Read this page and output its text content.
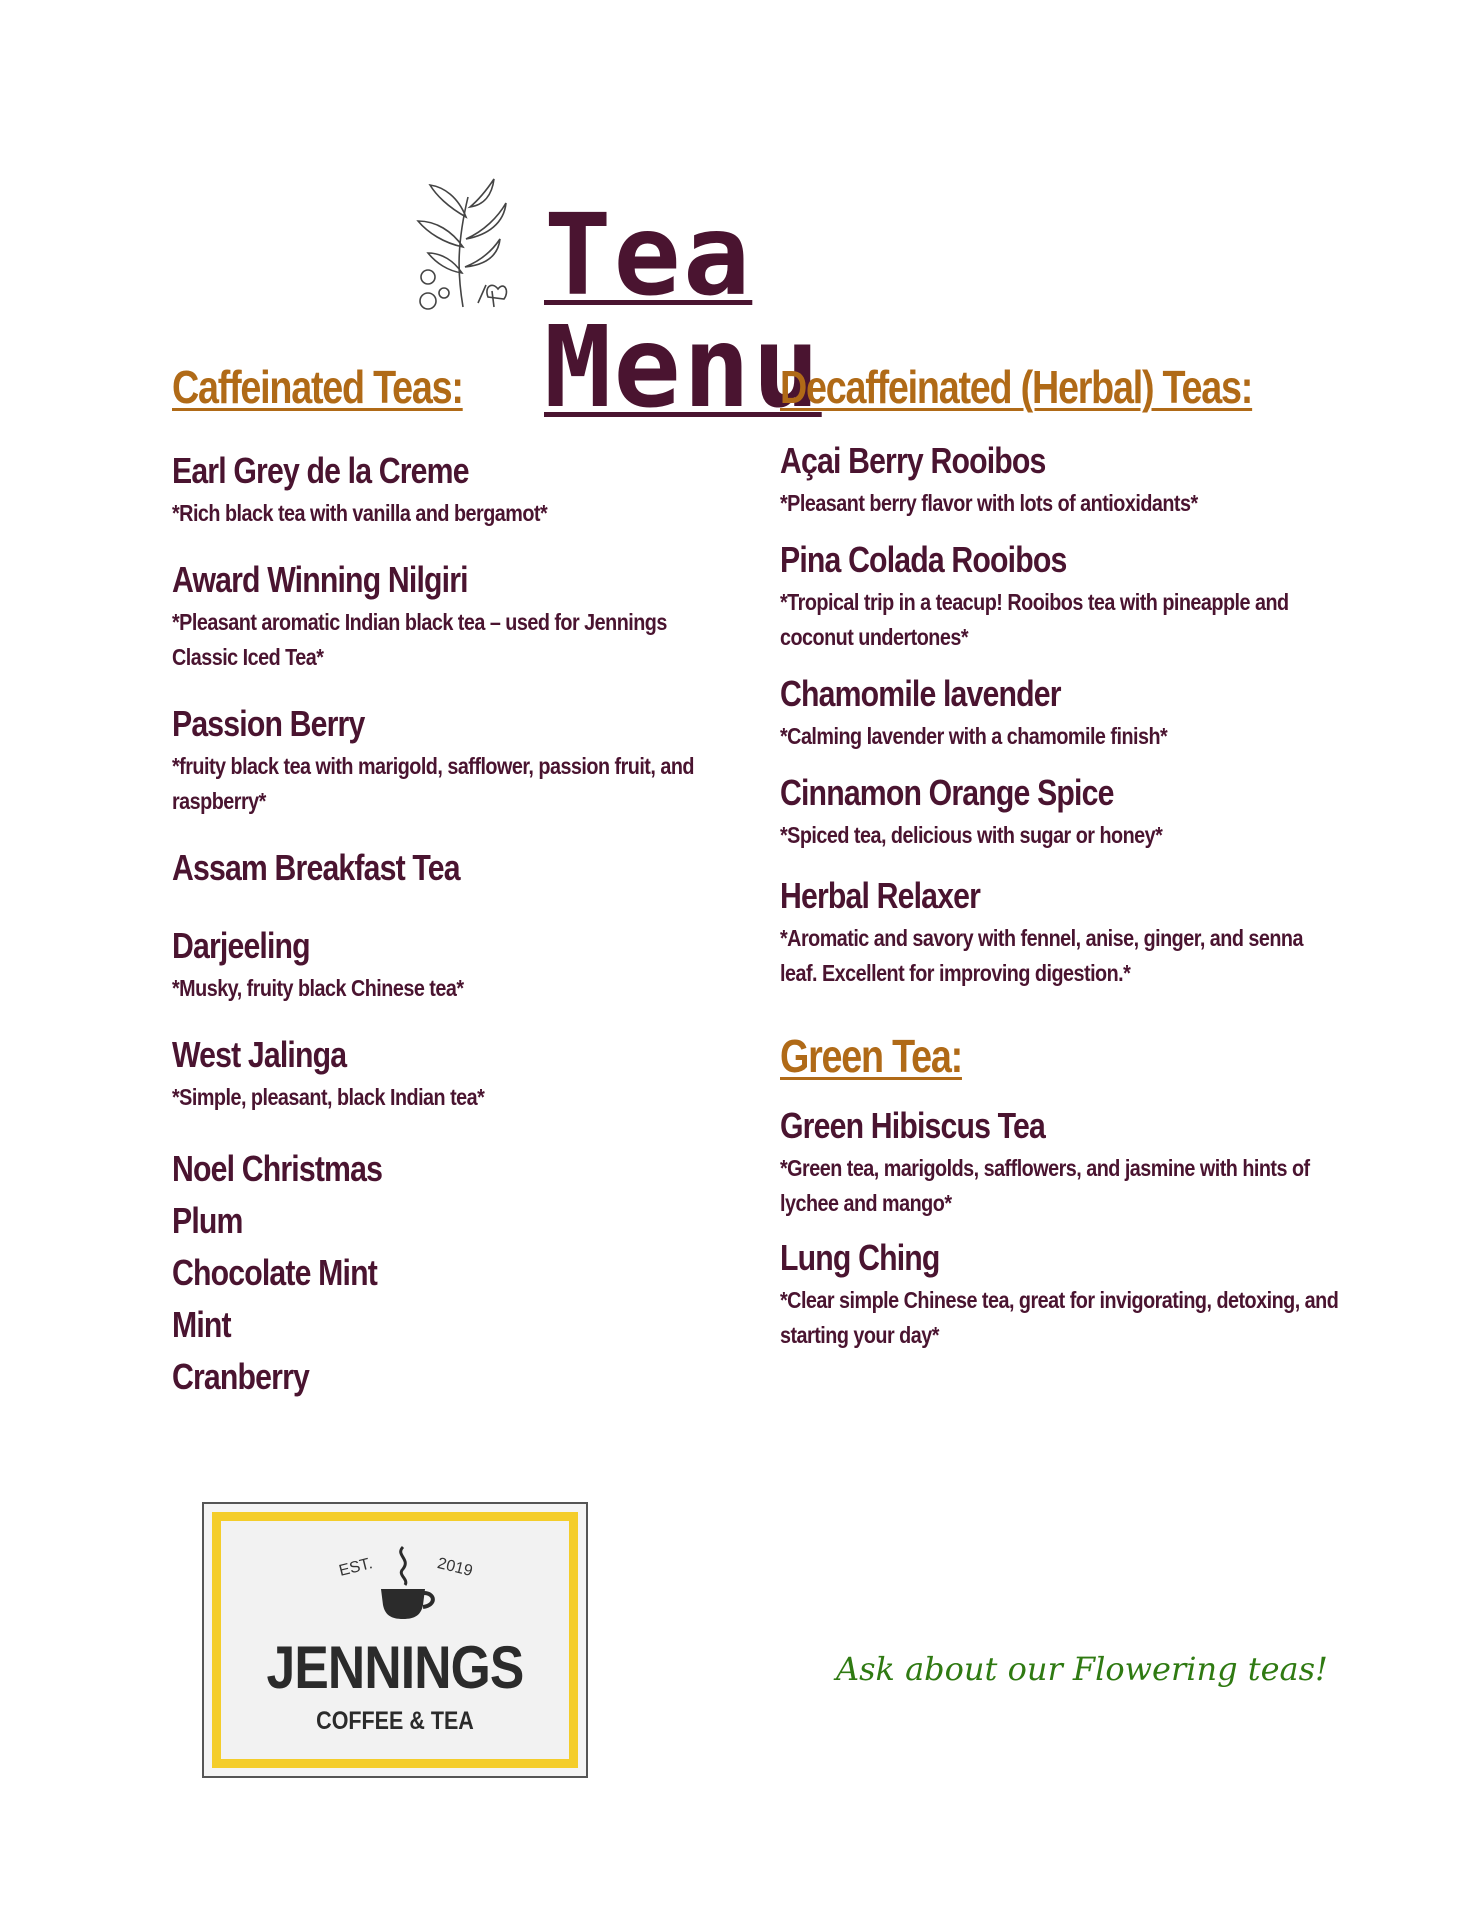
Tea Menu
Caffeinated Teas:

Earl Grey de la Creme

*Rich black tea with vanilla and bergamot*

Award Winning Nilgiri

*Pleasant aromatic Indian black tea – used for Jennings Classic Iced Tea*

Passion Berry

*fruity black tea with marigold, safflower, passion fruit, and raspberry*

Assam Breakfast Tea

Darjeeling

*Musky, fruity black Chinese tea*

West Jalinga

*Simple, pleasant, black Indian tea*

Noel Christmas

Plum

Chocolate Mint

Mint

Cranberry

Decaffeinated (Herbal) Teas:

Açai Berry Rooibos

*Pleasant berry flavor with lots of antioxidants*

Pina Colada Rooibos

*Tropical trip in a teacup! Rooibos tea with pineapple and coconut undertones*

Chamomile lavender

*Calming lavender with a chamomile finish*

Cinnamon Orange Spice

*Spiced tea, delicious with sugar or honey*

Herbal Relaxer

*Aromatic and savory with fennel, anise, ginger, and senna leaf. Excellent for improving digestion.*

Green Tea:

Green Hibiscus Tea

*Green tea, marigolds, safflowers, and jasmine with hints of lychee and mango*

Lung Ching

*Clear simple Chinese tea, great for invigorating, detoxing, and starting your day*

EST.	2019
JENNINGS
COFFEE & TEA

Ask about our Flowering teas!
